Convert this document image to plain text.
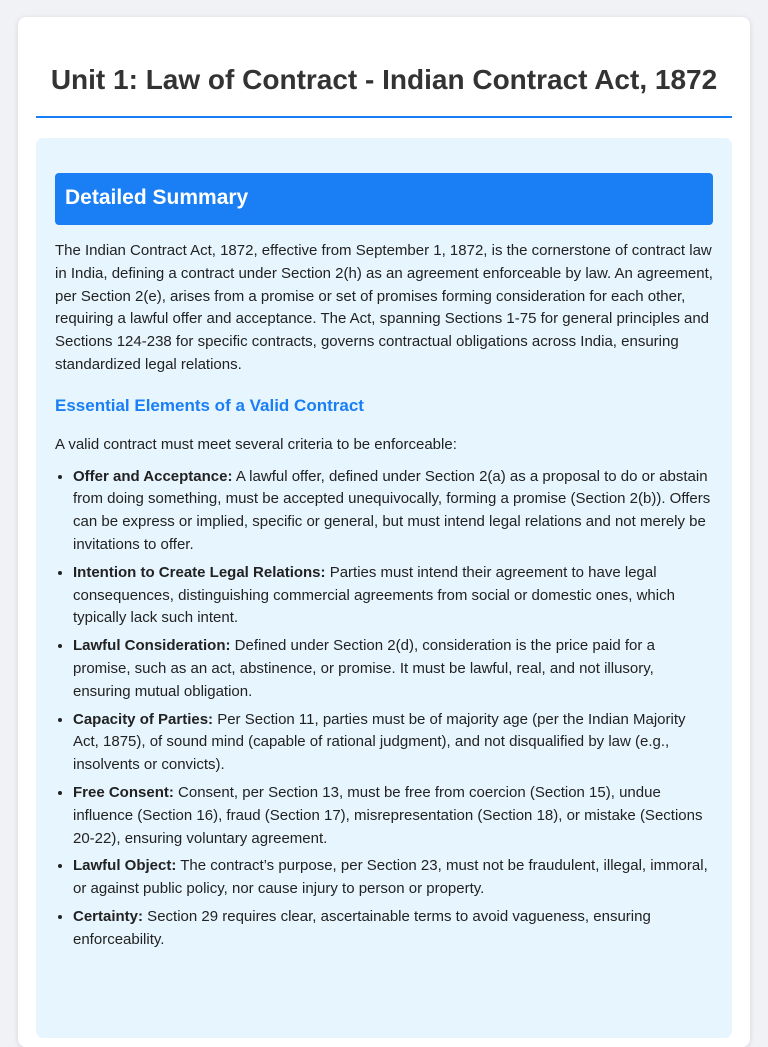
Unit 1: Law of Contract - Indian Contract Act, 1872
Detailed Summary

The Indian Contract Act, 1872, effective from September 1, 1872, is the cornerstone of contract law in India, defining a contract under Section 2(h) as an agreement enforceable by law. An agreement, per Section 2(e), arises from a promise or set of promises forming consideration for each other, requiring a lawful offer and acceptance. The Act, spanning Sections 1-75 for general principles and Sections 124-238 for specific contracts, governs contractual obligations across India, ensuring standardized legal relations.

Essential Elements of a Valid Contract

A valid contract must meet several criteria to be enforceable:

• Offer and Acceptance: A lawful offer, defined under Section 2(a) as a proposal to do or abstain from doing something, must be accepted unequivocally, forming a promise (Section 2(b)). Offers can be express or implied, specific or general, but must intend legal relations and not merely be invitations to offer.
• Intention to Create Legal Relations: Parties must intend their agreement to have legal consequences, distinguishing commercial agreements from social or domestic ones, which typically lack such intent.
• Lawful Consideration: Defined under Section 2(d), consideration is the price paid for a promise, such as an act, abstinence, or promise. It must be lawful, real, and not illusory, ensuring mutual obligation.
• Capacity of Parties: Per Section 11, parties must be of majority age (per the Indian Majority Act, 1875), of sound mind (capable of rational judgment), and not disqualified by law (e.g., insolvents or convicts).
• Free Consent: Consent, per Section 13, must be free from coercion (Section 15), undue influence (Section 16), fraud (Section 17), misrepresentation (Section 18), or mistake (Sections 20-22), ensuring voluntary agreement.
• Lawful Object: The contract’s purpose, per Section 23, must not be fraudulent, illegal, immoral, or against public policy, nor cause injury to person or property.
• Certainty: Section 29 requires clear, ascertainable terms to avoid vagueness, ensuring enforceability.
